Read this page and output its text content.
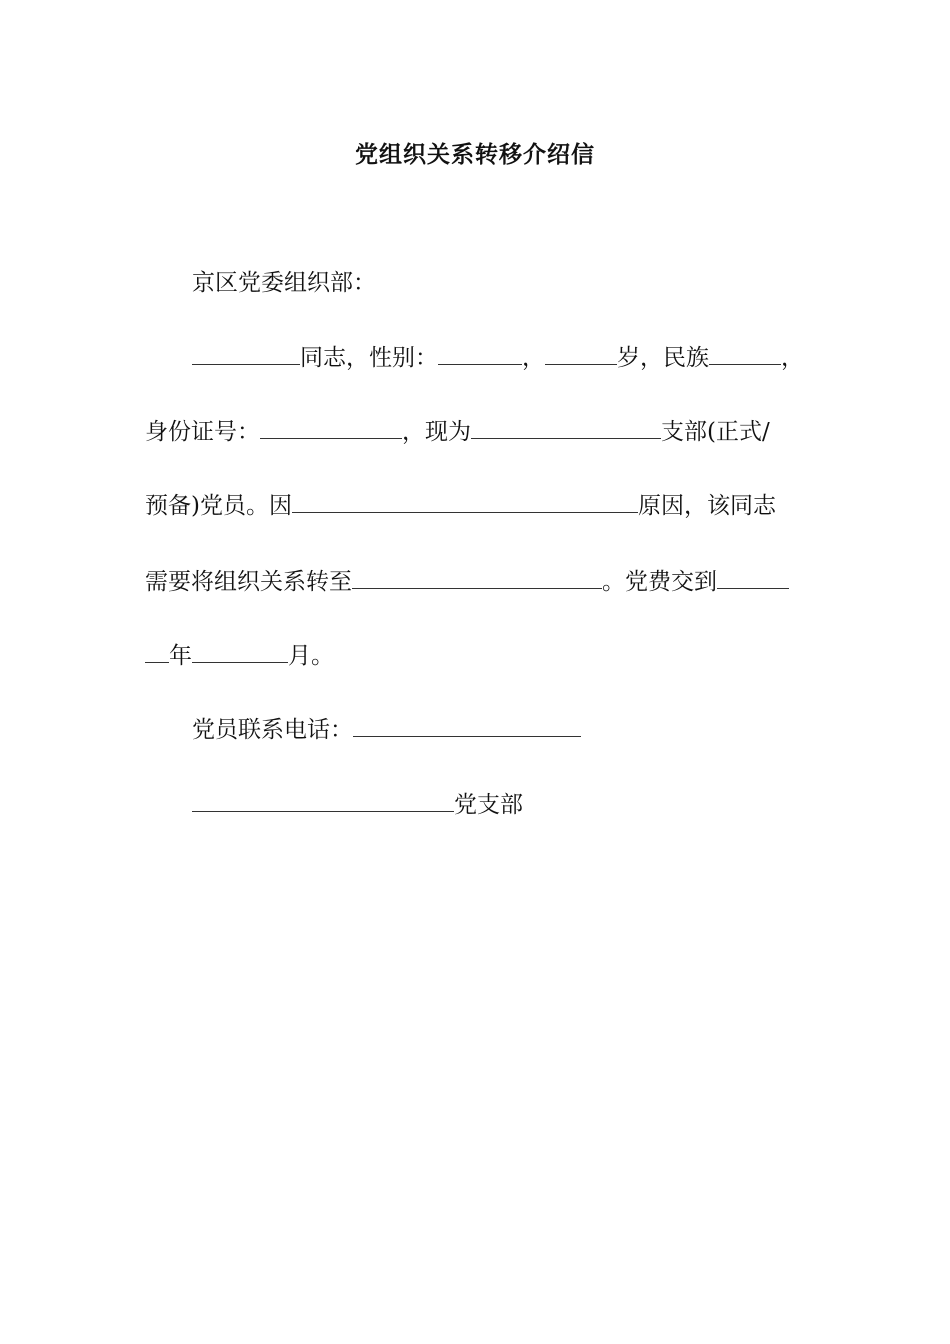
党组织关系转移介绍信
京区党委组织部：
同志，性别：	，	岁，民族	，
身份证号：	，现为	支部(正式/
预备)党员。因	原因，该同志
需要将组织关系转至	。党费交到
年	月。
党员联系电话：
党支部
